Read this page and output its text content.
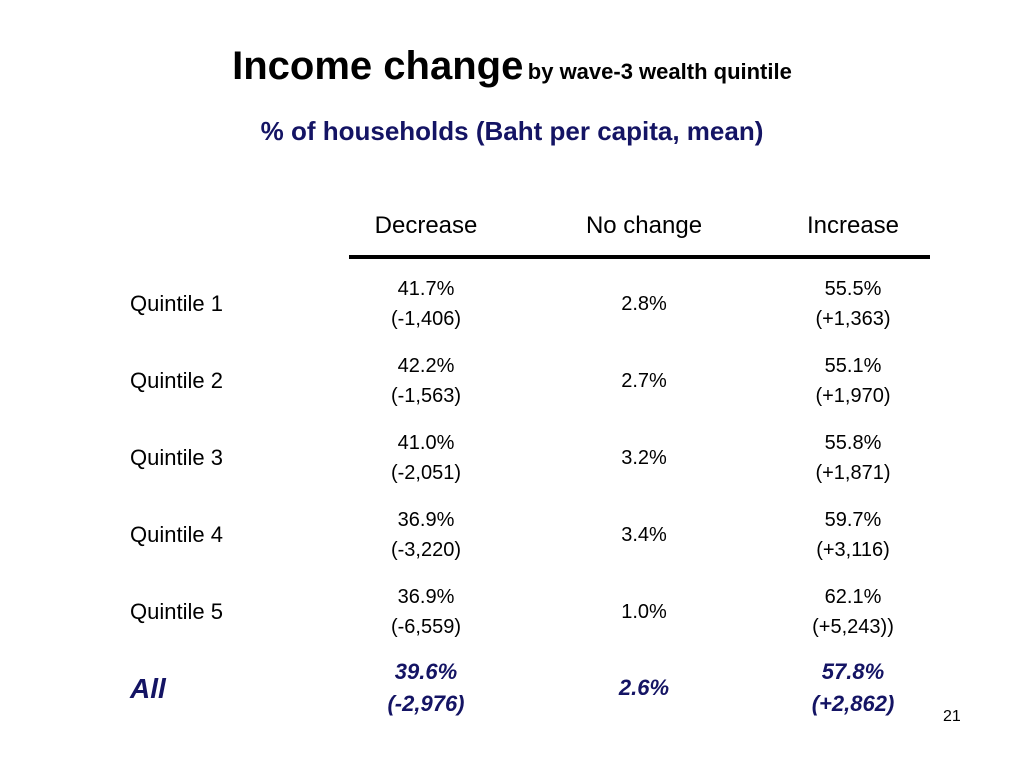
Income change by wave-3 wealth quintile
% of households (Baht per capita, mean)
Decrease	No change	Increase
Quintile 1
41.7%
(-1,406)
2.8%
55.5%
(+1,363)
Quintile 2
42.2%
(-1,563)
2.7%
55.1%
(+1,970)
Quintile 3
41.0%
(-2,051)
3.2%
55.8%
(+1,871)
Quintile 4
36.9%
(-3,220)
3.4%
59.7%
(+3,116)
Quintile 5
36.9%
(-6,559)
1.0%
62.1%
(+5,243))
All
39.6%
(-2,976)
2.6%
57.8%
(+2,862)
21
